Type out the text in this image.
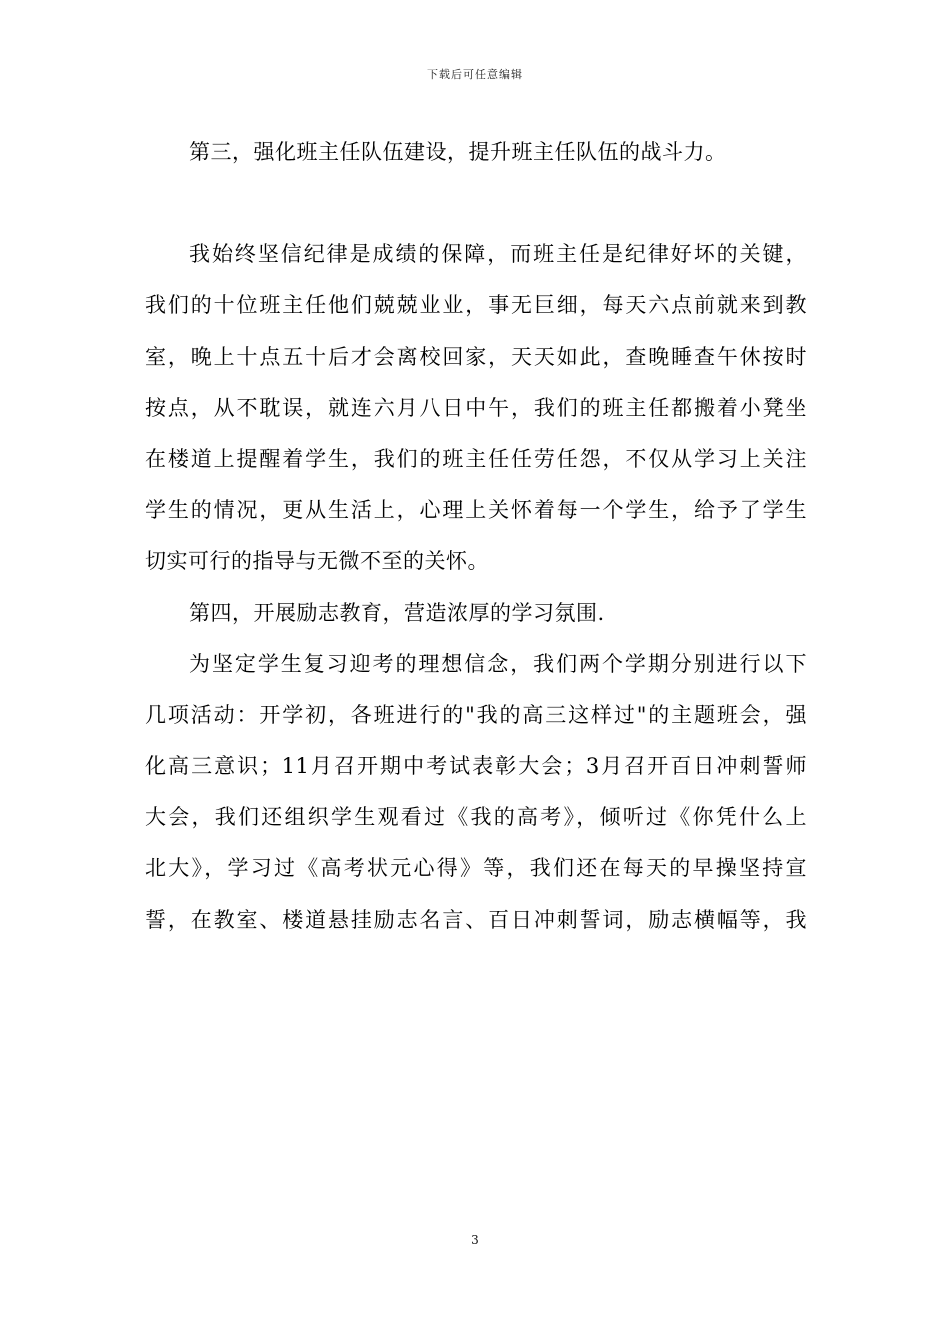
下载后可任意编辑
第三，强化班主任队伍建设，提升班主任队伍的战斗力。
我始终坚信纪律是成绩的保障，而班主任是纪律好坏的关键，
我们的十位班主任他们兢兢业业，事无巨细，每天六点前就来到教
室，晚上十点五十后才会离校回家，天天如此，查晚睡查午休按时
按点，从不耽误，就连六月八日中午，我们的班主任都搬着小凳坐
在楼道上提醒着学生，我们的班主任任劳任怨，不仅从学习上关注
学生的情况，更从生活上，心理上关怀着每一个学生，给予了学生
切实可行的指导与无微不至的关怀。
第四，开展励志教育，营造浓厚的学习氛围.
为坚定学生复习迎考的理想信念，我们两个学期分别进行以下
几项活动：开学初，各班进行的"我的高三这样过"的主题班会，强
化高三意识；11月召开期中考试表彰大会；3月召开百日冲刺誓师
大会，我们还组织学生观看过《我的高考》，倾听过《你凭什么上
北大》，学习过《高考状元心得》等，我们还在每天的早操坚持宣
誓，在教室、楼道悬挂励志名言、百日冲刺誓词，励志横幅等，我
3
